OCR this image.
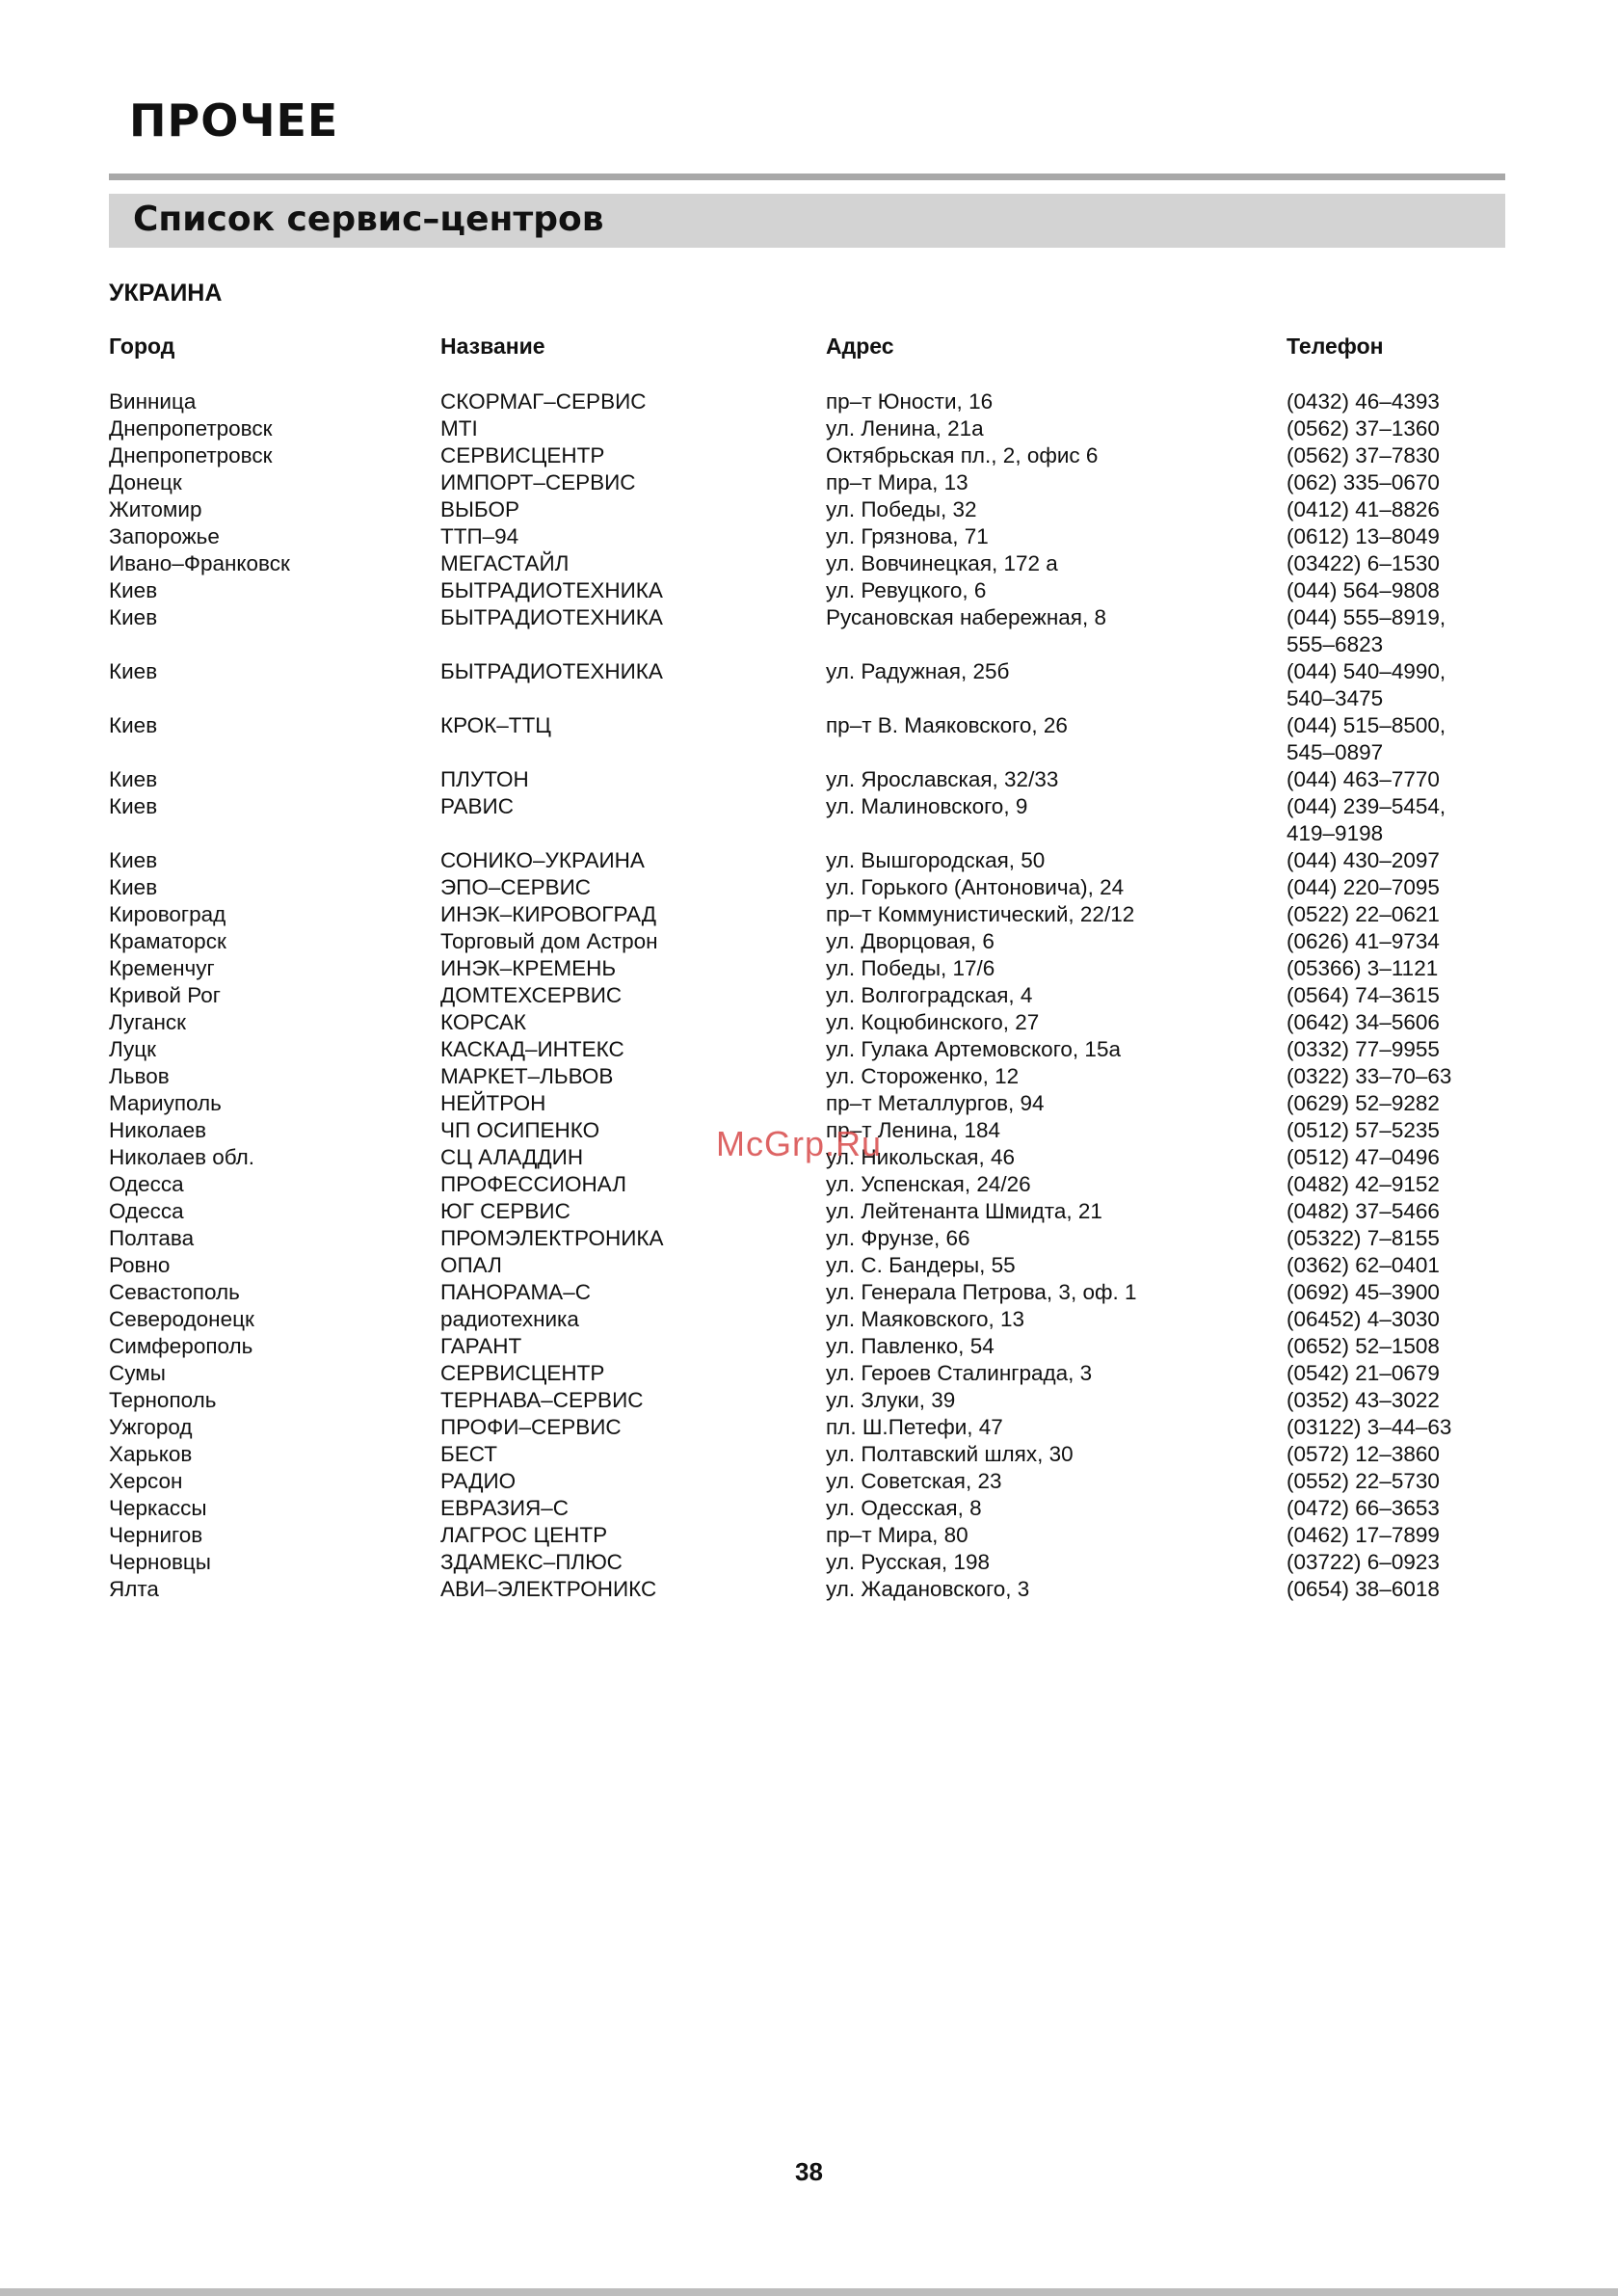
ПРОЧЕЕ
Список сервис–центров
УКРАИНА
Город	Название	Адрес	Телефон
Винница	СКОРМАГ–СЕРВИС	пр–т Юности, 16	(0432) 46–4393
Днепропетровск	MTI	ул. Ленина, 21а	(0562) 37–1360
Днепропетровск	СЕРВИСЦЕНТР	Октябрьская пл., 2, офис 6	(0562) 37–7830
Донецк	ИМПОРТ–СЕРВИС	пр–т Мира, 13	(062) 335–0670
Житомир	ВЫБОР	ул. Победы, 32	(0412) 41–8826
Запорожье	ТТП–94	ул. Грязнова, 71	(0612) 13–8049
Ивано–Франковск	МЕГАСТАЙЛ	ул. Вовчинецкая, 172 а	(03422) 6–1530
Киев	БЫТРАДИОТЕХНИКА	ул. Ревуцкого, 6	(044) 564–9808
Киев	БЫТРАДИОТЕХНИКА	Русановская набережная, 8	(044) 555–8919,
555–6823
Киев	БЫТРАДИОТЕХНИКА	ул. Радужная, 25б	(044) 540–4990,
540–3475
Киев	КРОК–ТТЦ	пр–т В. Маяковского, 26	(044) 515–8500,
545–0897
Киев	ПЛУТОН	ул. Ярославская, 32/33	(044) 463–7770
Киев	РАВИС	ул. Малиновского, 9	(044) 239–5454,
419–9198
Киев	СОНИКО–УКРАИНА	ул. Вышгородская, 50	(044) 430–2097
Киев	ЭПО–СЕРВИС	ул. Горького (Антоновича), 24	(044) 220–7095
Кировоград	ИНЭК–КИРОВОГРАД	пр–т Коммунистический, 22/12	(0522) 22–0621
Краматорск	Торговый дом Астрон	ул. Дворцовая, 6	(0626) 41–9734
Кременчуг	ИНЭК–КРЕМЕНЬ	ул. Победы, 17/6	(05366) 3–1121
Кривой Рог	ДОМТЕХСЕРВИС	ул. Волгоградская, 4	(0564) 74–3615
Луганск	КОРСАК	ул. Коцюбинского, 27	(0642) 34–5606
Луцк	КАСКАД–ИНТЕКС	ул. Гулака Артемовского, 15а	(0332) 77–9955
Львов	МАРКЕТ–ЛЬВОВ	ул. Стороженко, 12	(0322) 33–70–63
Мариуполь	НЕЙТРОН	пр–т Металлургов, 94	(0629) 52–9282
Николаев	ЧП ОСИПЕНКО	пр–т Ленина, 184	(0512) 57–5235
Николаев обл.	СЦ АЛАДДИН	ул. Никольская, 46	(0512) 47–0496
Одесса	ПРОФЕССИОНАЛ	ул. Успенская, 24/26	(0482) 42–9152
Одесса	ЮГ СЕРВИС	ул. Лейтенанта Шмидта, 21	(0482) 37–5466
Полтава	ПРОМЭЛЕКТРОНИКА	ул. Фрунзе, 66	(05322) 7–8155
Ровно	ОПАЛ	ул. С. Бандеры, 55	(0362) 62–0401
Севастополь	ПАНОРАМА–С	ул. Генерала Петрова, 3, оф. 1	(0692) 45–3900
Северодонецк	радиотехника	ул. Маяковского, 13	(06452) 4–3030
Симферополь	ГАРАНТ	ул. Павленко, 54	(0652) 52–1508
Сумы	СЕРВИСЦЕНТР	ул. Героев Сталинграда, 3	(0542) 21–0679
Тернополь	ТЕРНАВА–СЕРВИС	ул. Злуки, 39	(0352) 43–3022
Ужгород	ПРОФИ–СЕРВИС	пл. Ш.Петефи, 47	(03122) 3–44–63
Харьков	БЕСТ	ул. Полтавский шлях, 30	(0572) 12–3860
Херсон	РАДИО	ул. Советская, 23	(0552) 22–5730
Черкассы	ЕВРАЗИЯ–С	ул. Одесская, 8	(0472) 66–3653
Чернигов	ЛАГРОС ЦЕНТР	пр–т Мира, 80	(0462) 17–7899
Черновцы	ЗДАМЕКС–ПЛЮС	ул. Русская, 198	(03722) 6–0923
Ялта	АВИ–ЭЛЕКТРОНИКС	ул. Жадановского, 3	(0654) 38–6018
McGrp.Ru
38
